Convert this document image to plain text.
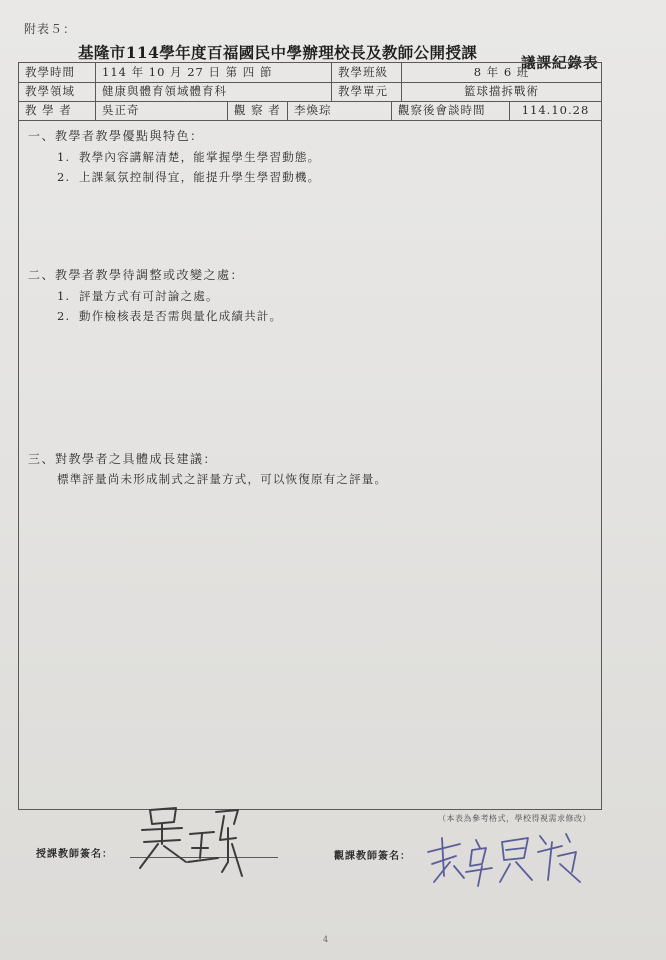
附表５：
基隆市114學年度百福國民中學辦理校長及教師公開授課
議課紀錄表
教學時間	114 年 10 月 27 日 第 四 節	教學班級	8 年 6 班
教學領域	健康與體育領域體育科	教學單元	籃球擋拆戰術
教 學 者	吳正奇	觀 察 者	李煥琮	觀察後會談時間	114.10.28
一、教學者教學優點與特色：
1. 教學內容講解清楚，能掌握學生學習動態。
2. 上課氣氛控制得宜，能提升學生學習動機。
二、教學者教學待調整或改變之處：
1. 評量方式有可討論之處。
2. 動作檢核表是否需與量化成績共計。
三、對教學者之具體成長建議：
標準評量尚未形成制式之評量方式，可以恢復原有之評量。
（本表為參考格式，學校得視需求修改）
授課教師簽名：	觀課教師簽名：
4
